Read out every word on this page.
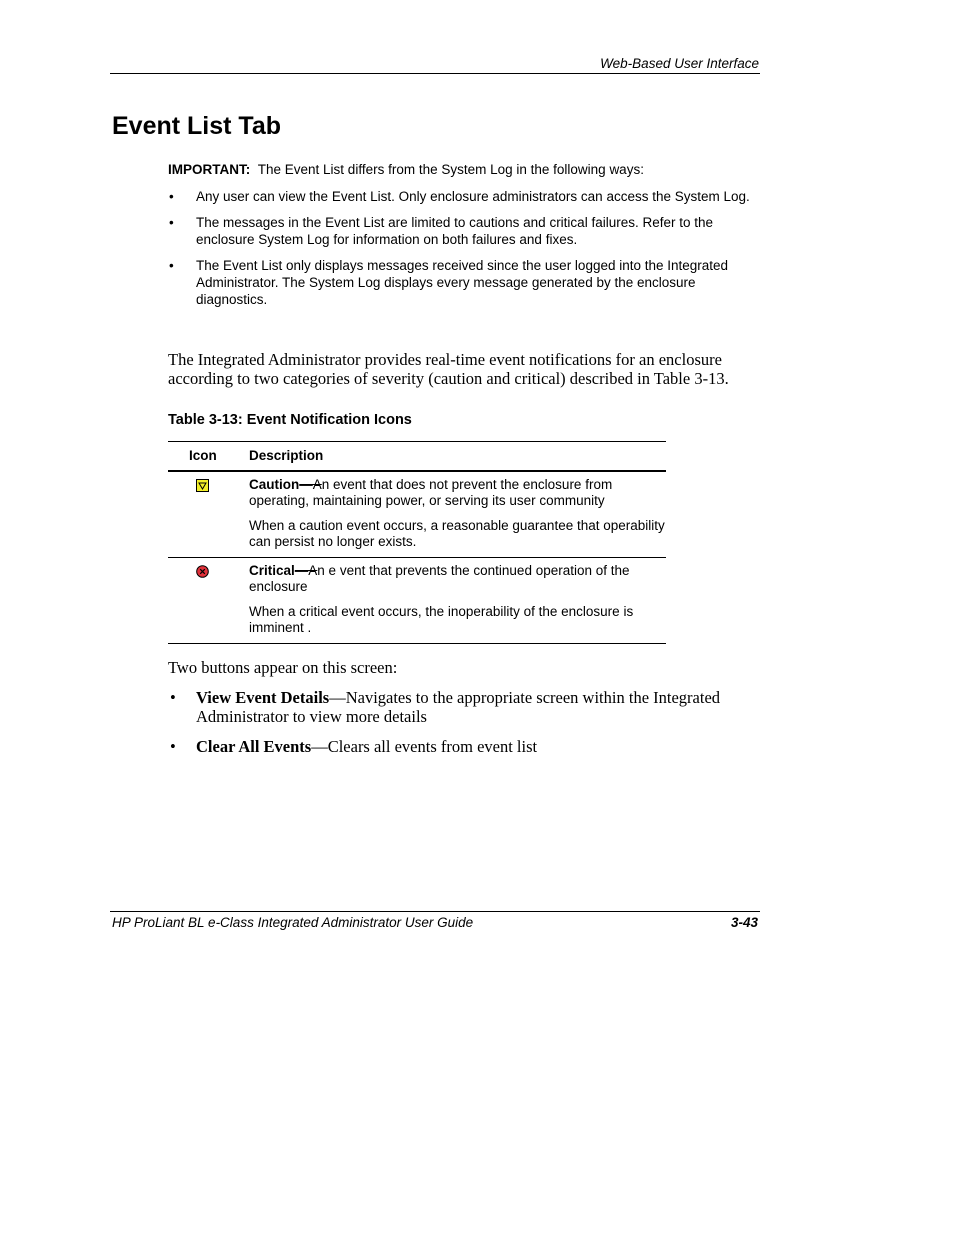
Web-Based User Interface
Event List Tab
IMPORTANT: The Event List differs from the System Log in the following ways:
• Any user can view the Event List. Only enclosure administrators can access the System Log.
• The messages in the Event List are limited to cautions and critical failures. Refer to the enclosure System Log for information on both failures and fixes.
• The Event List only displays messages received since the user logged into the Integrated Administrator. The System Log displays every message generated by the enclosure diagnostics.

The Integrated Administrator provides real-time event notifications for an enclosure according to two categories of severity (caution and critical) described in Table 3-13.

Table 3-13: Event Notification Icons
Icon	Description

Caution—An event that does not prevent the enclosure from operating, maintaining power, or serving its user community

When a caution event occurs, a reasonable guarantee that operability can persist no longer exists.

Critical—An e vent that prevents the continued operation of the enclosure

When a critical event occurs, the inoperability of the enclosure is imminent .

Two buttons appear on this screen:

• View Event Details—Navigates to the appropriate screen within the Integrated Administrator to view more details
• Clear All Events—Clears all events from event list
HP ProLiant BL e-Class Integrated Administrator User Guide	3-43
